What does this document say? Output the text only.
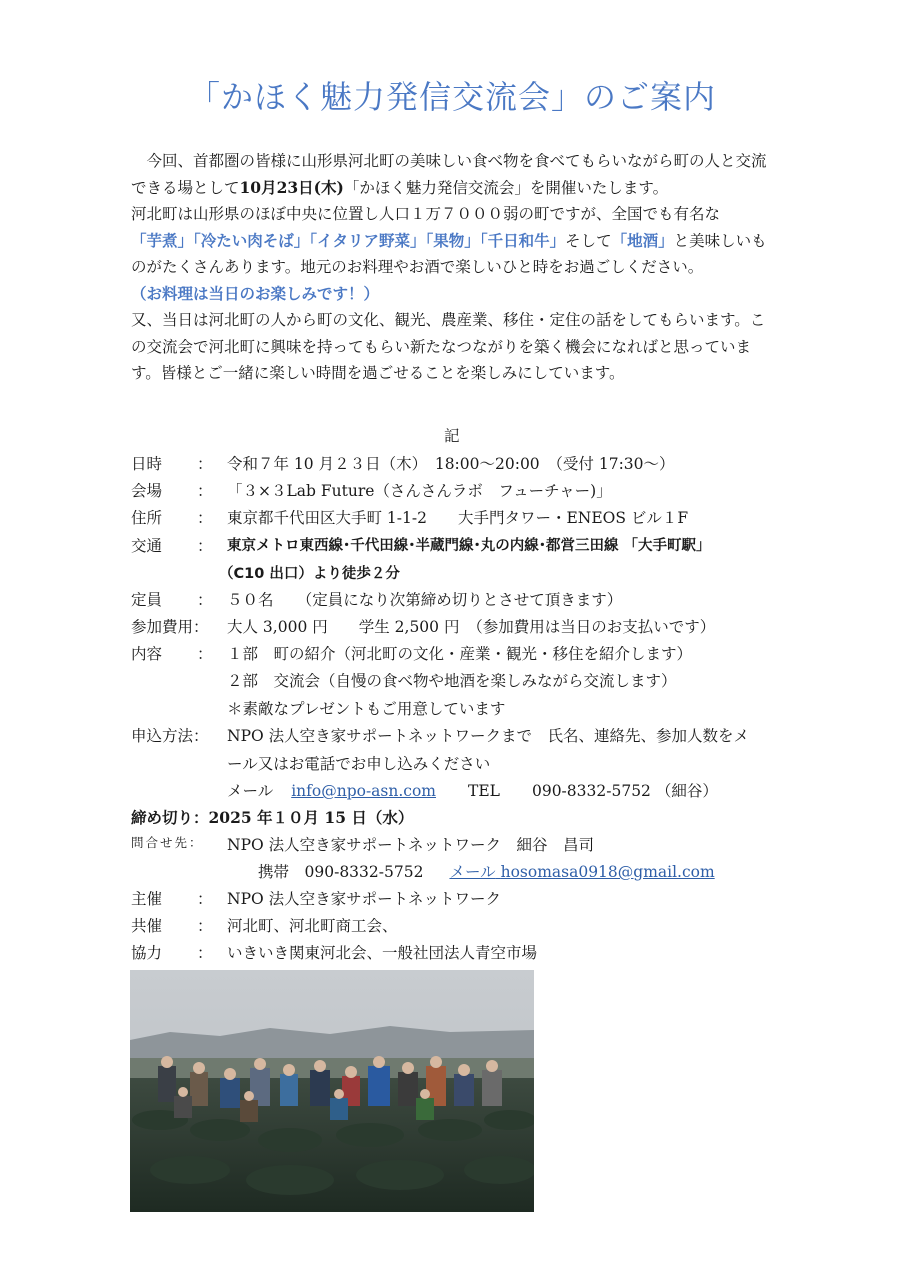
「かほく魅力発信交流会」のご案内

　今回、首都圏の皆様に山形県河北町の美味しい食べ物を食べてもらいながら町の人と交流できる場として10月23日(木)「かほく魅力発信交流会」を開催いたします。

河北町は山形県のほぼ中央に位置し人口１万７０００弱の町ですが、全国でも有名な「芋煮」「冷たい肉そば」「イタリア野菜」「果物」「千日和牛」そして「地酒」と美味しいものがたくさんあります。地元のお料理やお酒で楽しいひと時をお過ごしください。

（お料理は当日のお楽しみです！）

又、当日は河北町の人から町の文化、観光、農産業、移住・定住の話をしてもらいます。この交流会で河北町に興味を持ってもらい新たなつながりを築く機会になればと思っています。皆様とご一緒に楽しい時間を過ごせることを楽しみにしています。

記
日時 ： 令和７年 10 月２３日（木）　18:00～20:00　（受付 17:30～）
会場 ： 「３×３Lab Future（さんさんラボ　フューチャー)」
住所 ： 東京都千代田区大手町 1-1-2　　大手門タワー・ENEOS ビル１F
交通 ： 東京メトロ東西線･千代田線･半蔵門線･丸の内線･都営三田線 「大手町駅」
（C10 出口）より徒歩２分
定員 ： ５０名　　（定員になり次第締め切りとさせて頂きます）
参加費用： 大人 3,000 円　　学生 2,500 円　（参加費用は当日のお支払いです）
内容 ： １部　町の紹介（河北町の文化・産業・観光・移住を紹介します）
２部　交流会（自慢の食べ物や地酒を楽しみながら交流します）
＊素敵なプレゼントもご用意しています
申込方法： NPO 法人空き家サポートネットワークまで　氏名、連絡先、参加人数をメ
ール又はお電話でお申し込みください
メール info@npo-asn.com TEL 090-8332-5752 （細谷）
締め切り：2025 年１０月 15 日（水）
問合せ先： NPO 法人空き家サポートネットワーク　細谷　昌司
携帯　090-8332-5752 メール hosomasa0918@gmail.com
主催 ： NPO 法人空き家サポートネットワーク
共催 ： 河北町、河北町商工会、
協力 ： いきいき関東河北会、一般社団法人青空市場
